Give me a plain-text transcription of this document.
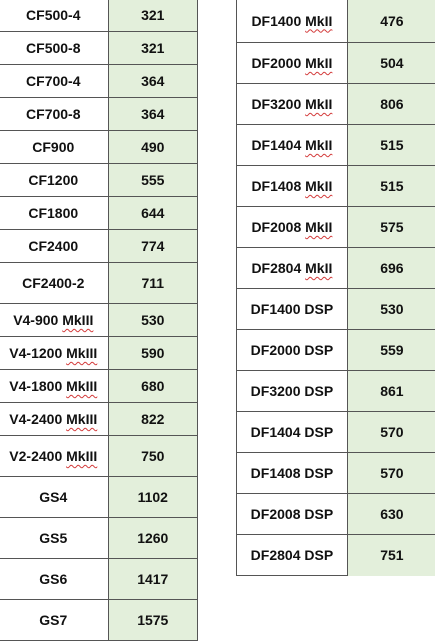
CF500-4	321
CF500-8	321
CF700-4	364
CF700-8	364
CF900	490
CF1200	555
CF1800	644
CF2400	774
CF2400-2	711
V4-900 MkIII	530
V4-1200 MkIII	590
V4-1800 MkIII	680
V4-2400 MkIII	822
V2-2400 MkIII	750
GS4	1102
GS5	1260
GS6	1417
GS7	1575
DF1400 MkII	476
DF2000 MkII	504
DF3200 MkII	806
DF1404 MkII	515
DF1408 MkII	515
DF2008 MkII	575
DF2804 MkII	696
DF1400 DSP	530
DF2000 DSP	559
DF3200 DSP	861
DF1404 DSP	570
DF1408 DSP	570
DF2008 DSP	630
DF2804 DSP	751
